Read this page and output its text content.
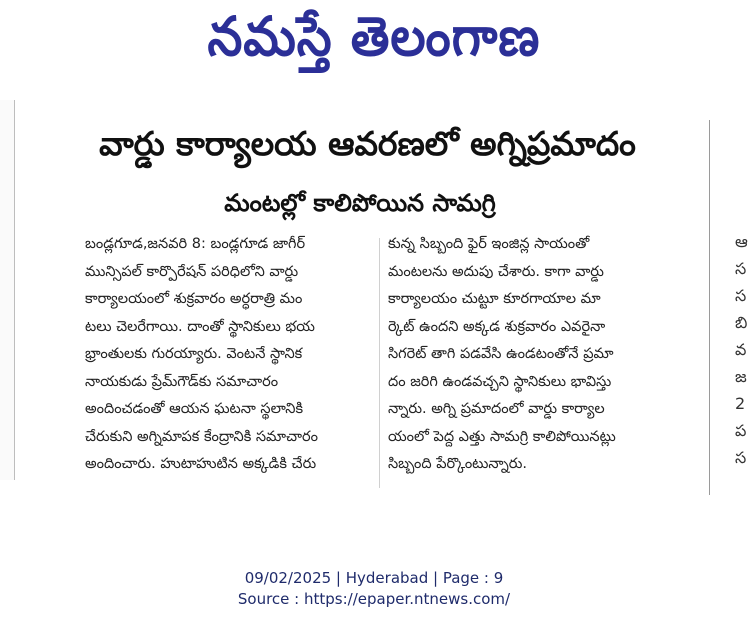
నమస్తే తెలంగాణ
ఆ
స
స
బి
వ
జ
2
ప
స
వార్డు కార్యాలయ ఆవరణలో అగ్నిప్రమాదం
మంటల్లో కాలిపోయిన సామగ్రి
బండ్లగూడ,జనవరి 8: బండ్లగూడ జాగీర్
మున్సిపల్ కార్పొరేషన్ పరిధిలోని వార్డు
కార్యాలయంలో శుక్రవారం అర్ధరాత్రి మం
టలు చెలరేగాయి. దాంతో స్థానికులు భయ
భ్రాంతులకు గురయ్యారు. వెంటనే స్థానిక
నాయకుడు ప్రేమ్‌గౌడ్‌కు సమాచారం
అందించడంతో ఆయన ఘటనా స్థలానికి
చేరుకుని అగ్నిమాపక కేంద్రానికి సమాచారం
అందించారు. హుటాహుటిన అక్కడికి చేరు
కున్న సిబ్బంది ఫైర్ ఇంజిన్ల సాయంతో
మంటలను అదుపు చేశారు. కాగా వార్డు
కార్యాలయం చుట్టూ కూరగాయాల మా
ర్కెట్ ఉందని అక్కడ శుక్రవారం ఎవరైనా
సిగరెట్ తాగి పడవేసి ఉండటంతోనే ప్రమా
దం జరిగి ఉండవచ్చని స్థానికులు భావిస్తు
న్నారు. అగ్ని ప్రమాదంలో వార్డు కార్యాల
యంలో పెద్ద ఎత్తు సామగ్రి కాలిపోయినట్లు
సిబ్బంది పేర్కొంటున్నారు.
09/02/2025 | Hyderabad | Page : 9
Source : https://epaper.ntnews.com/
